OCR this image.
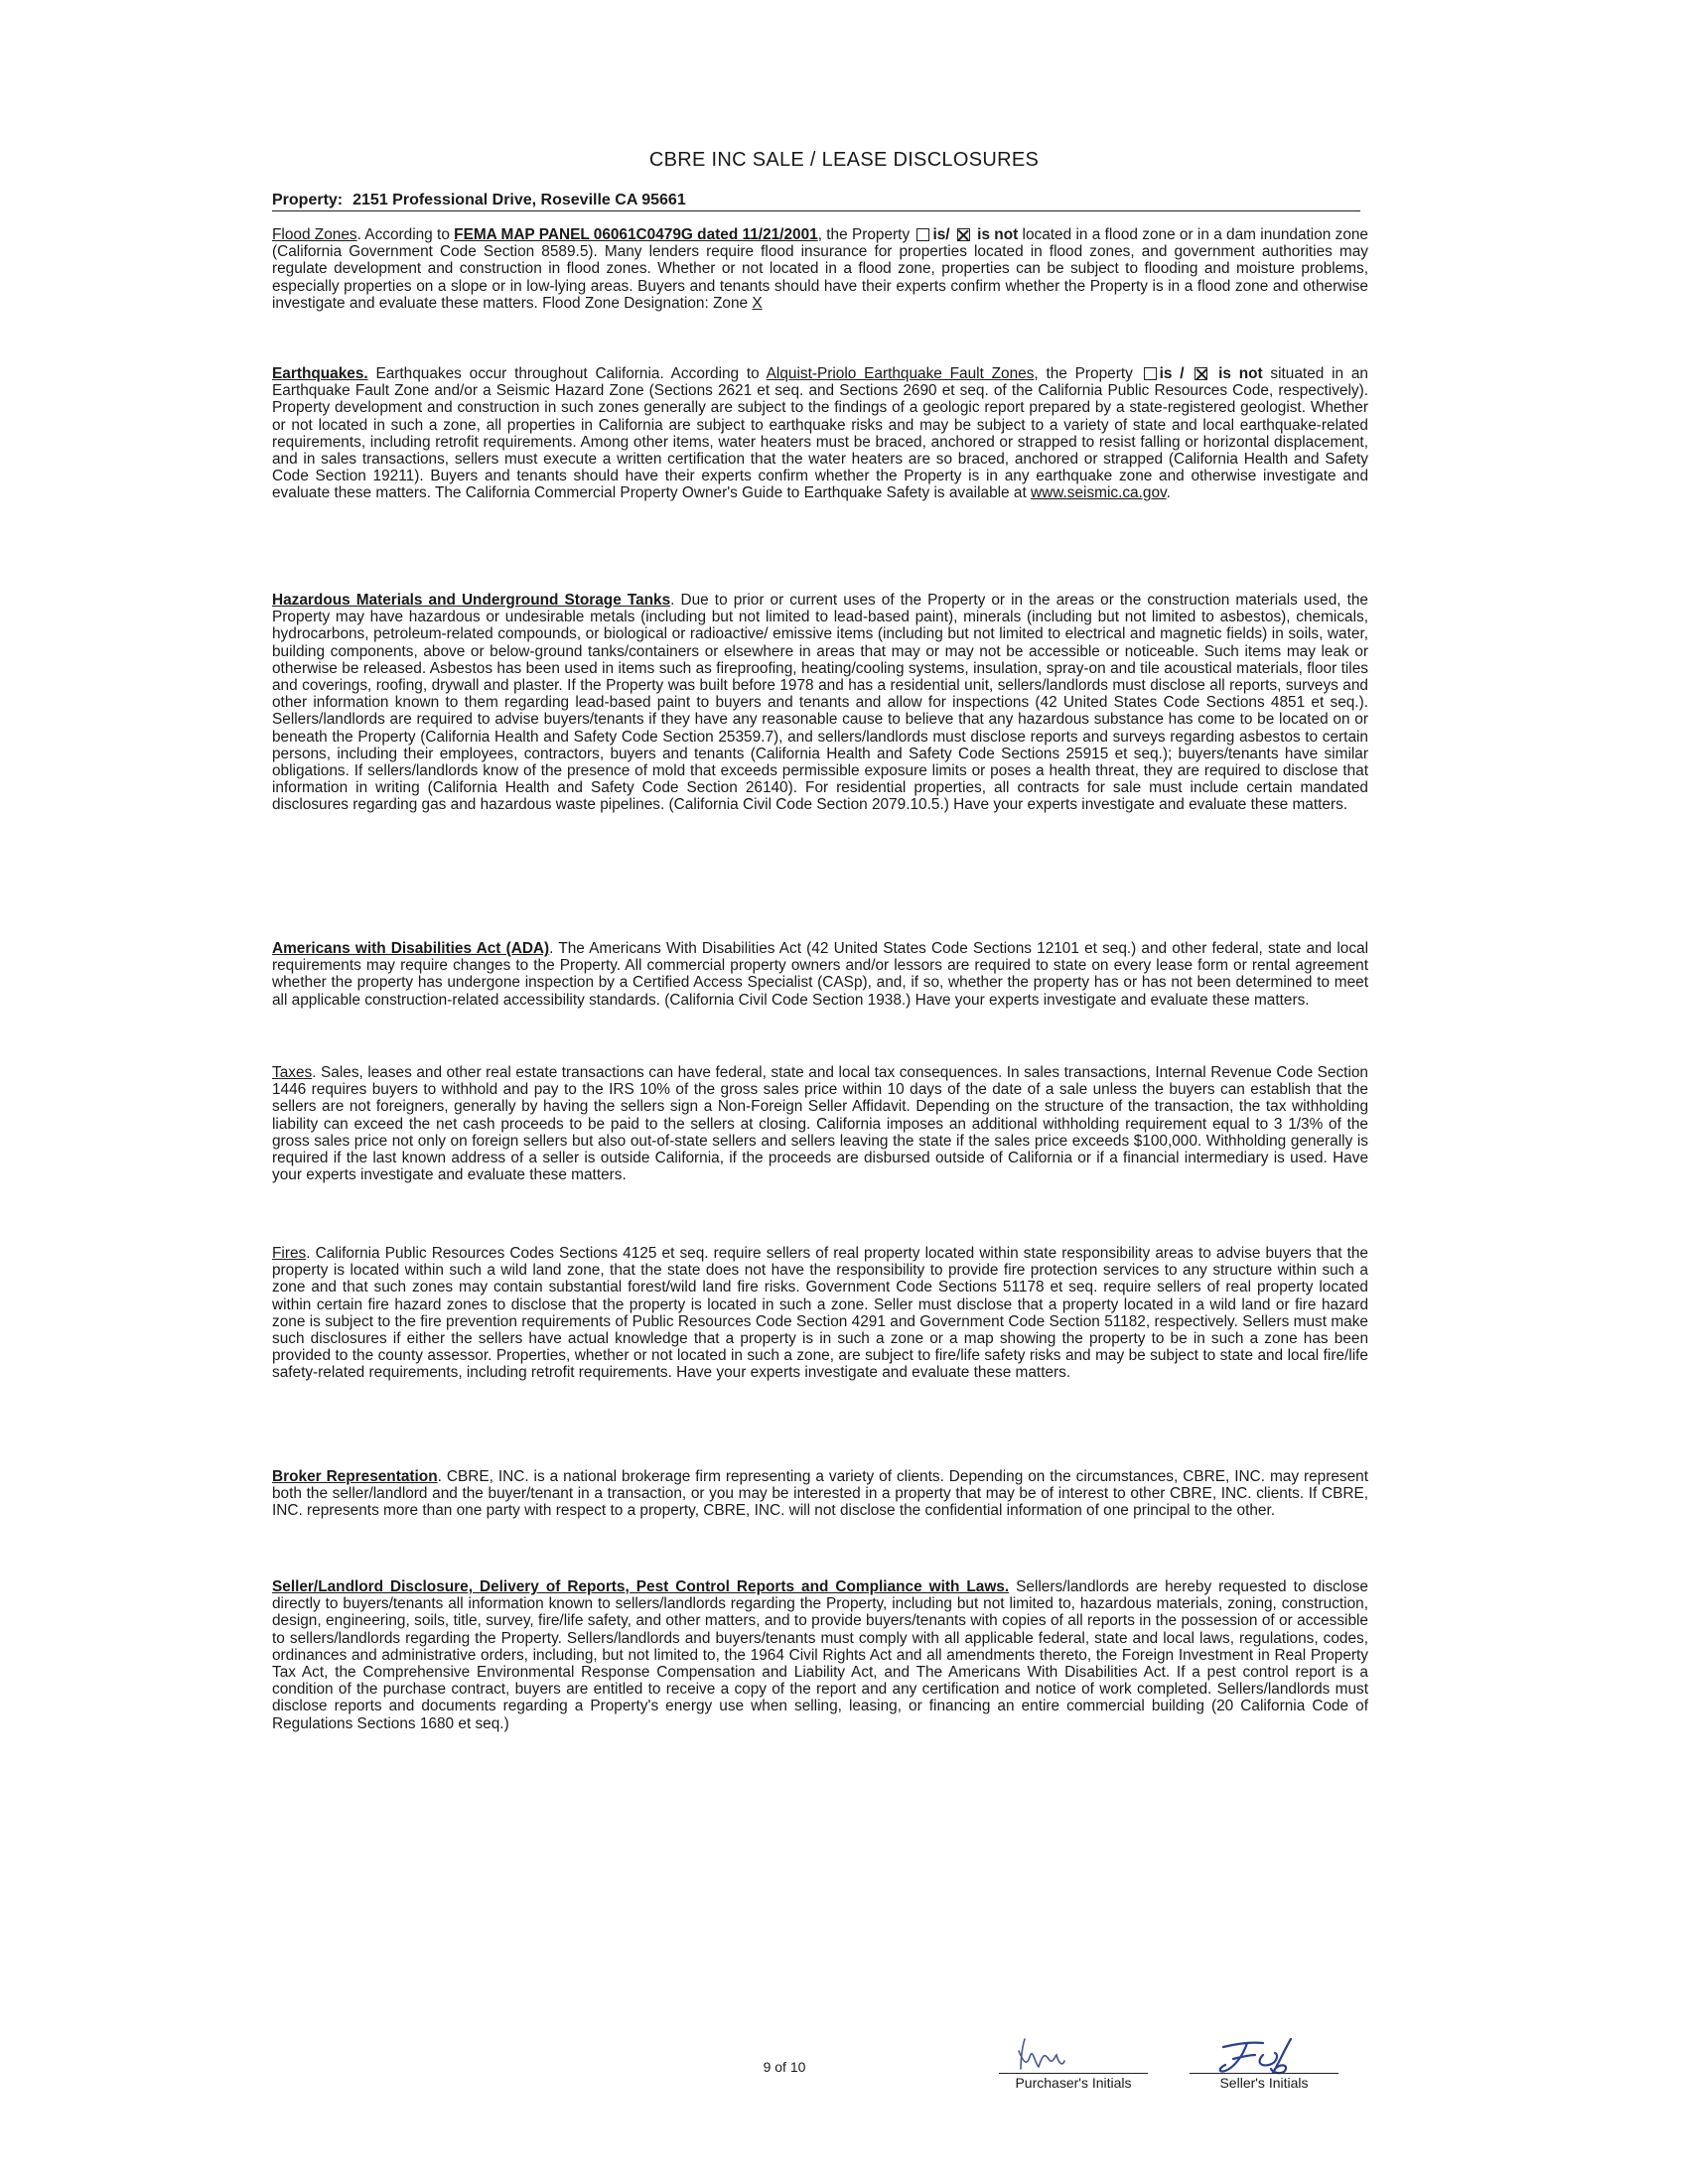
CBRE INC SALE / LEASE DISCLOSURES
Property: 2151 Professional Drive, Roseville CA 95661
Flood Zones. According to FEMA MAP PANEL 06061C0479G dated 11/21/2001, the Property is/  is not located in a flood zone or in a dam inundation zone (California Government Code Section 8589.5). Many lenders require flood insurance for properties located in flood zones, and government authorities may regulate development and construction in flood zones. Whether or not located in a flood zone, properties can be subject to flooding and moisture problems, especially properties on a slope or in low-lying areas. Buyers and tenants should have their experts confirm whether the Property is in a flood zone and otherwise investigate and evaluate these matters. Flood Zone Designation: Zone X
Earthquakes. Earthquakes occur throughout California. According to Alquist-Priolo Earthquake Fault Zones, the Property is /  is not situated in an Earthquake Fault Zone and/or a Seismic Hazard Zone (Sections 2621 et seq. and Sections 2690 et seq. of the California Public Resources Code, respectively). Property development and construction in such zones generally are subject to the findings of a geologic report prepared by a state-registered geologist. Whether or not located in such a zone, all properties in California are subject to earthquake risks and may be subject to a variety of state and local earthquake-related requirements, including retrofit requirements. Among other items, water heaters must be braced, anchored or strapped to resist falling or horizontal displacement, and in sales transactions, sellers must execute a written certification that the water heaters are so braced, anchored or strapped (California Health and Safety Code Section 19211). Buyers and tenants should have their experts confirm whether the Property is in any earthquake zone and otherwise investigate and evaluate these matters. The California Commercial Property Owner's Guide to Earthquake Safety is available at www.seismic.ca.gov.
Hazardous Materials and Underground Storage Tanks. Due to prior or current uses of the Property or in the areas or the construction materials used, the Property may have hazardous or undesirable metals (including but not limited to lead-based paint), minerals (including but not limited to asbestos), chemicals, hydrocarbons, petroleum-related compounds, or biological or radioactive/ emissive items (including but not limited to electrical and magnetic fields) in soils, water, building components, above or below-ground tanks/containers or elsewhere in areas that may or may not be accessible or noticeable. Such items may leak or otherwise be released. Asbestos has been used in items such as fireproofing, heating/cooling systems, insulation, spray-on and tile acoustical materials, floor tiles and coverings, roofing, drywall and plaster. If the Property was built before 1978 and has a residential unit, sellers/landlords must disclose all reports, surveys and other information known to them regarding lead-based paint to buyers and tenants and allow for inspections (42 United States Code Sections 4851 et seq.). Sellers/landlords are required to advise buyers/tenants if they have any reasonable cause to believe that any hazardous substance has come to be located on or beneath the Property (California Health and Safety Code Section 25359.7), and sellers/landlords must disclose reports and surveys regarding asbestos to certain persons, including their employees, contractors, buyers and tenants (California Health and Safety Code Sections 25915 et seq.); buyers/tenants have similar obligations. If sellers/landlords know of the presence of mold that exceeds permissible exposure limits or poses a health threat, they are required to disclose that information in writing (California Health and Safety Code Section 26140). For residential properties, all contracts for sale must include certain mandated disclosures regarding gas and hazardous waste pipelines. (California Civil Code Section 2079.10.5.) Have your experts investigate and evaluate these matters.
Americans with Disabilities Act (ADA). The Americans With Disabilities Act (42 United States Code Sections 12101 et seq.) and other federal, state and local requirements may require changes to the Property. All commercial property owners and/or lessors are required to state on every lease form or rental agreement whether the property has undergone inspection by a Certified Access Specialist (CASp), and, if so, whether the property has or has not been determined to meet all applicable construction-related accessibility standards. (California Civil Code Section 1938.) Have your experts investigate and evaluate these matters.
Taxes. Sales, leases and other real estate transactions can have federal, state and local tax consequences. In sales transactions, Internal Revenue Code Section 1446 requires buyers to withhold and pay to the IRS 10% of the gross sales price within 10 days of the date of a sale unless the buyers can establish that the sellers are not foreigners, generally by having the sellers sign a Non-Foreign Seller Affidavit. Depending on the structure of the transaction, the tax withholding liability can exceed the net cash proceeds to be paid to the sellers at closing. California imposes an additional withholding requirement equal to 3 1/3% of the gross sales price not only on foreign sellers but also out-of-state sellers and sellers leaving the state if the sales price exceeds $100,000. Withholding generally is required if the last known address of a seller is outside California, if the proceeds are disbursed outside of California or if a financial intermediary is used. Have your experts investigate and evaluate these matters.
Fires. California Public Resources Codes Sections 4125 et seq. require sellers of real property located within state responsibility areas to advise buyers that the property is located within such a wild land zone, that the state does not have the responsibility to provide fire protection services to any structure within such a zone and that such zones may contain substantial forest/wild land fire risks. Government Code Sections 51178 et seq. require sellers of real property located within certain fire hazard zones to disclose that the property is located in such a zone. Seller must disclose that a property located in a wild land or fire hazard zone is subject to the fire prevention requirements of Public Resources Code Section 4291 and Government Code Section 51182, respectively. Sellers must make such disclosures if either the sellers have actual knowledge that a property is in such a zone or a map showing the property to be in such a zone has been provided to the county assessor. Properties, whether or not located in such a zone, are subject to fire/life safety risks and may be subject to state and local fire/life safety-related requirements, including retrofit requirements. Have your experts investigate and evaluate these matters.
Broker Representation. CBRE, INC. is a national brokerage firm representing a variety of clients. Depending on the circumstances, CBRE, INC. may represent both the seller/landlord and the buyer/tenant in a transaction, or you may be interested in a property that may be of interest to other CBRE, INC. clients. If CBRE, INC. represents more than one party with respect to a property, CBRE, INC. will not disclose the confidential information of one principal to the other.
Seller/Landlord Disclosure, Delivery of Reports, Pest Control Reports and Compliance with Laws. Sellers/landlords are hereby requested to disclose directly to buyers/tenants all information known to sellers/landlords regarding the Property, including but not limited to, hazardous materials, zoning, construction, design, engineering, soils, title, survey, fire/life safety, and other matters, and to provide buyers/tenants with copies of all reports in the possession of or accessible to sellers/landlords regarding the Property. Sellers/landlords and buyers/tenants must comply with all applicable federal, state and local laws, regulations, codes, ordinances and administrative orders, including, but not limited to, the 1964 Civil Rights Act and all amendments thereto, the Foreign Investment in Real Property Tax Act, the Comprehensive Environmental Response Compensation and Liability Act, and The Americans With Disabilities Act. If a pest control report is a condition of the purchase contract, buyers are entitled to receive a copy of the report and any certification and notice of work completed. Sellers/landlords must disclose reports and documents regarding a Property's energy use when selling, leasing, or financing an entire commercial building (20 California Code of Regulations Sections 1680 et seq.)
9 of 10
Purchaser's Initials	Seller's Initials
